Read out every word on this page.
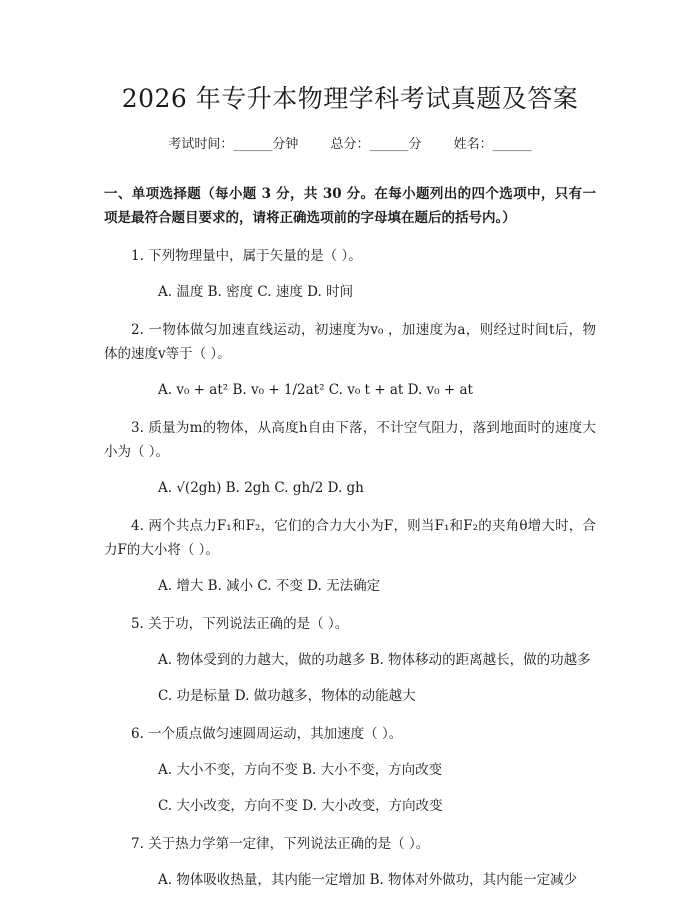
2026 年专升本物理学科考试真题及答案
考试时间：______分钟 总分：______分 姓名：______
一、单项选择题（每小题 3 分，共 30 分。在每小题列出的四个选项中，只有一项是最符合题目要求的，请将正确选项前的字母填在题后的括号内。）
1. 下列物理量中，属于矢量的是（ ）。
A. 温度 B. 密度 C. 速度 D. 时间
2. 一物体做匀加速直线运动，初速度为v₀ ，加速度为a，则经过时间t后，物体的速度v等于（ ）。
A. v₀ + at² B. v₀ + 1/2at² C. v₀ t + at D. v₀ + at
3. 质量为m的物体，从高度h自由下落，不计空气阻力，落到地面时的速度大小为（ ）。
A. √(2gh) B. 2gh C. gh/2 D. gh
4. 两个共点力F₁和F₂，它们的合力大小为F，则当F₁和F₂的夹角θ增大时，合力F的大小将（ ）。
A. 增大 B. 减小 C. 不变 D. 无法确定
5. 关于功，下列说法正确的是（ ）。
A. 物体受到的力越大，做的功越多 B. 物体移动的距离越长，做的功越多
C. 功是标量 D. 做功越多，物体的动能越大
6. 一个质点做匀速圆周运动，其加速度（ ）。
A. 大小不变，方向不变 B. 大小不变，方向改变
C. 大小改变，方向不变 D. 大小改变，方向改变
7. 关于热力学第一定律，下列说法正确的是（ ）。
A. 物体吸收热量，其内能一定增加 B. 物体对外做功，其内能一定减少
